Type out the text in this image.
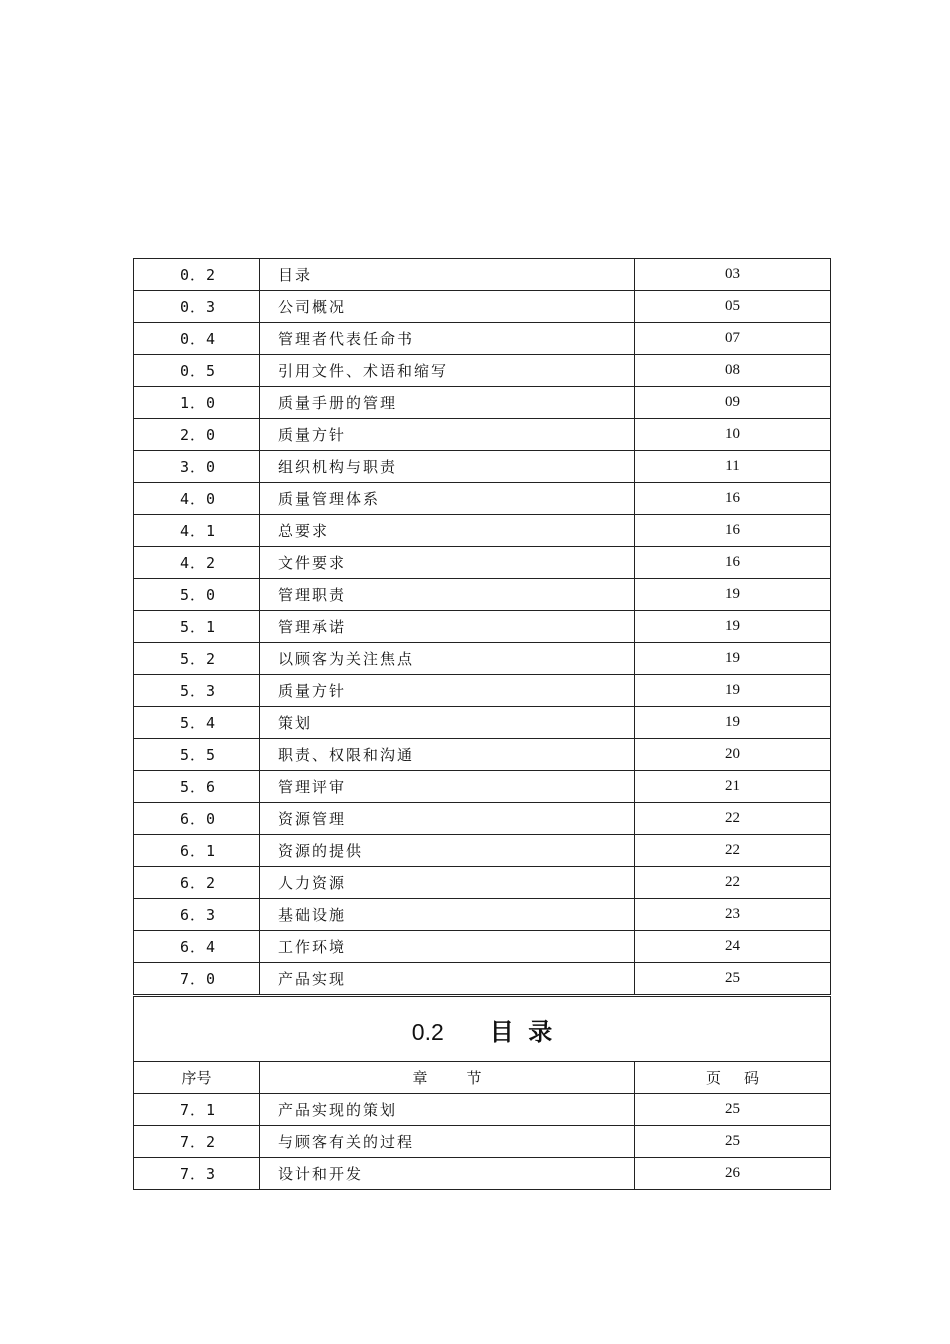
0．2	目录	03
0．3	公司概况	05
0．4	管理者代表任命书	07
0．5	引用文件、术语和缩写	08
1．0	质量手册的管理	09
2．0	质量方针	10
3．0	组织机构与职责	11
4．0	质量管理体系	16
4．1	总要求	16
4．2	文件要求	16
5．0	管理职责	19
5．1	管理承诺	19
5．2	以顾客为关注焦点	19
5．3	质量方针	19
5．4	策划	19
5．5	职责、权限和沟通	20
5．6	管理评审	21
6．0	资源管理	22
6．1	资源的提供	22
6．2	人力资源	22
6．3	基础设施	23
6．4	工作环境	24
7．0	产品实现	25
0.2 目 录		
序号	章 节	页 码
7．1	产品实现的策划	25
7．2	与顾客有关的过程	25
7．3	设计和开发	26
